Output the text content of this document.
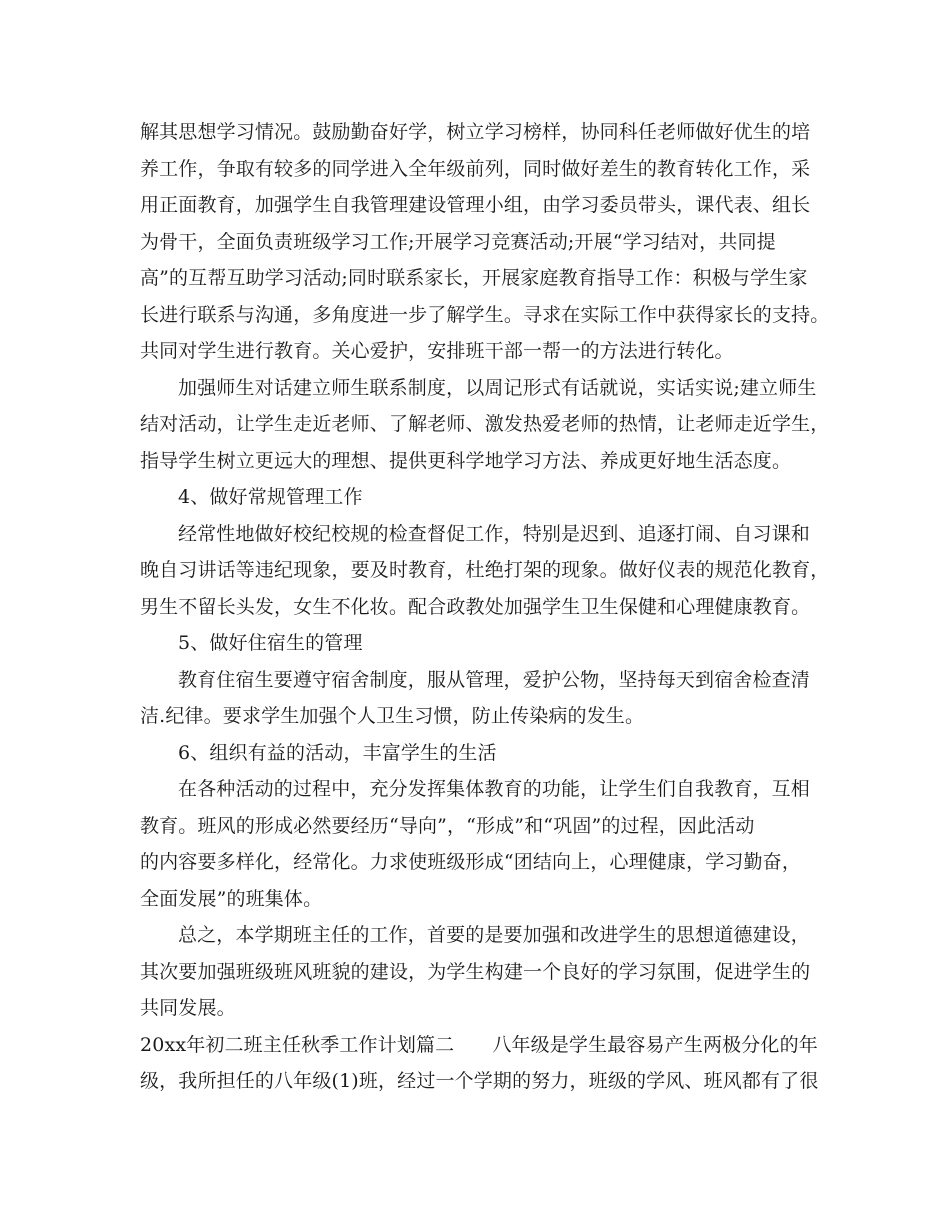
解其思想学习情况。鼓励勤奋好学，树立学习榜样，协同科任老师做好优生的培
养工作，争取有较多的同学进入全年级前列，同时做好差生的教育转化工作，采
用正面教育，加强学生自我管理建设管理小组，由学习委员带头，课代表、组长
为骨干，全面负责班级学习工作;开展学习竞赛活动;开展“学习结对，共同提
高”的互帮互助学习活动;同时联系家长，开展家庭教育指导工作：积极与学生家
长进行联系与沟通，多角度进一步了解学生。寻求在实际工作中获得家长的支持。
共同对学生进行教育。关心爱护，安排班干部一帮一的方法进行转化。
加强师生对话建立师生联系制度，以周记形式有话就说，实话实说;建立师生
结对活动，让学生走近老师、了解老师、激发热爱老师的热情，让老师走近学生，
指导学生树立更远大的理想、提供更科学地学习方法、养成更好地生活态度。
4、做好常规管理工作
经常性地做好校纪校规的检查督促工作，特别是迟到、追逐打闹、自习课和
晚自习讲话等违纪现象，要及时教育，杜绝打架的现象。做好仪表的规范化教育，
男生不留长头发，女生不化妆。配合政教处加强学生卫生保健和心理健康教育。
5、做好住宿生的管理
教育住宿生要遵守宿舍制度，服从管理，爱护公物，坚持每天到宿舍检查清
洁.纪律。要求学生加强个人卫生习惯，防止传染病的发生。
6、组织有益的活动，丰富学生的生活
在各种活动的过程中，充分发挥集体教育的功能，让学生们自我教育，互相
教育。班风的形成必然要经历“导向”，“形成”和“巩固”的过程，因此活动
的内容要多样化，经常化。力求使班级形成“团结向上，心理健康，学习勤奋，
全面发展”的班集体。
总之，本学期班主任的工作，首要的是要加强和改进学生的思想道德建设，
其次要加强班级班风班貌的建设，为学生构建一个良好的学习氛围，促进学生的
共同发展。
20xx年初二班主任秋季工作计划篇二 八年级是学生最容易产生两极分化的年
级，我所担任的八年级(1)班，经过一个学期的努力，班级的学风、班风都有了很
